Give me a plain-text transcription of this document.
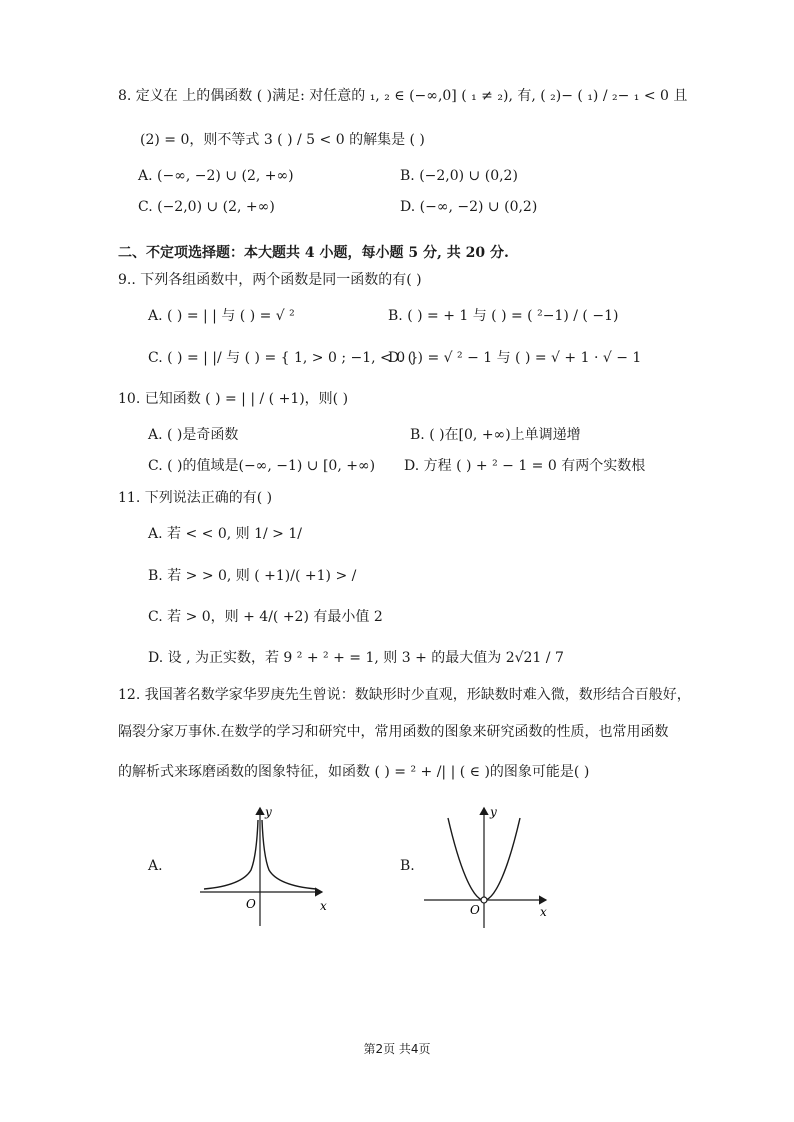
8. 定义在 上的偶函数 ( )满足: 对任意的 ₁, ₂ ∈ (−∞,0] ( ₁ ≠ ₂), 有, ( ₂)− ( ₁) / ₂− ₁ < 0 且
(2) = 0，则不等式 3 ( ) / 5 < 0 的解集是 ( )
A. (−∞, −2) ∪ (2, +∞)	B. (−2,0) ∪ (0,2)
C. (−2,0) ∪ (2, +∞)	D. (−∞, −2) ∪ (0,2)
二、不定项选择题：本大题共 4 小题，每小题 5 分, 共 20 分.
9.. 下列各组函数中，两个函数是同一函数的有( )
A. ( ) = | | 与 ( ) = √ ²	B. ( ) = + 1 与 ( ) = ( ²−1) / ( −1)
C. ( ) = | |/ 与 ( ) = { 1, > 0 ; −1, < 0 }
D. ( ) = √ ² − 1 与 ( ) = √ + 1 · √ − 1
10. 已知函数 ( ) = | | / ( +1)，则( )
A. ( )是奇函数	B. ( )在[0, +∞)上单调递增
C. ( )的值域是(−∞, −1) ∪ [0, +∞) D. 方程 ( ) + ² − 1 = 0 有两个实数根
11. 下列说法正确的有( )
A. 若 < < 0, 则 1/ > 1/
B. 若 > > 0, 则 ( +1)/( +1) > /
C. 若 > 0，则 + 4/( +2) 有最小值 2
D. 设 , 为正实数，若 9 ² + ² + = 1, 则 3 + 的最大值为 2√21 / 7
12. 我国著名数学家华罗庚先生曾说：数缺形时少直观，形缺数时难入微，数形结合百般好，
隔裂分家万事休.在数学的学习和研究中，常用函数的图象来研究函数的性质，也常用函数
的解析式来琢磨函数的图象特征，如函数 ( ) = ² + /| | ( ∈ )的图象可能是( )
A.
y
x
O
B.
y
x
O
第2页 共4页
